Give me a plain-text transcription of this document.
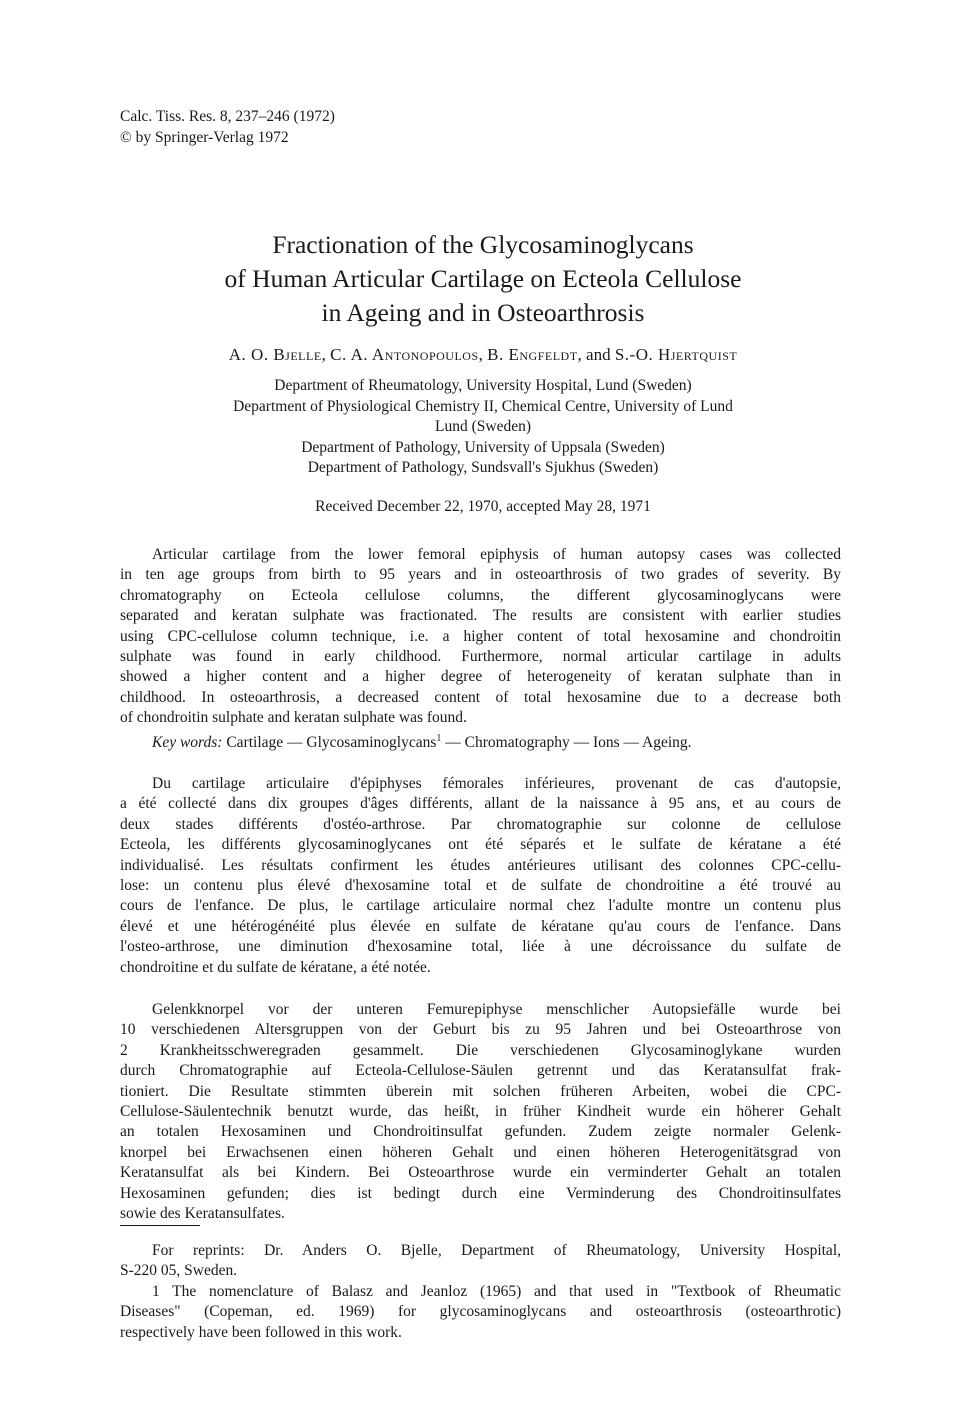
Calc. Tiss. Res. 8, 237–246 (1972)
© by Springer-Verlag 1972
Fractionation of the Glycosaminoglycans
of Human Articular Cartilage on Ecteola Cellulose
in Ageing and in Osteoarthrosis
A. O. Bjelle, C. A. Antonopoulos, B. Engfeldt, and S.-O. Hjertquist
Department of Rheumatology, University Hospital, Lund (Sweden)
Department of Physiological Chemistry II, Chemical Centre, University of Lund
Lund (Sweden)
Department of Pathology, University of Uppsala (Sweden)
Department of Pathology, Sundsvall's Sjukhus (Sweden)
Received December 22, 1970, accepted May 28, 1971
Articular cartilage from the lower femoral epiphysis of human autopsy cases was collected
in ten age groups from birth to 95 years and in osteoarthrosis of two grades of severity. By
chromatography on Ecteola cellulose columns, the different glycosaminoglycans were
separated and keratan sulphate was fractionated. The results are consistent with earlier studies
using CPC-cellulose column technique, i.e. a higher content of total hexosamine and chondroitin
sulphate was found in early childhood. Furthermore, normal articular cartilage in adults
showed a higher content and a higher degree of heterogeneity of keratan sulphate than in
childhood. In osteoarthrosis, a decreased content of total hexosamine due to a decrease both
of chondroitin sulphate and keratan sulphate was found.
Key words: Cartilage — Glycosaminoglycans$^1$ — Chromatography — Ions — Ageing.
Du cartilage articulaire d'épiphyses fémorales inférieures, provenant de cas d'autopsie,
a été collecté dans dix groupes d'âges différents, allant de la naissance à 95 ans, et au cours de
deux stades différents d'ostéo-arthrose. Par chromatographie sur colonne de cellulose
Ecteola, les différents glycosaminoglycanes ont été séparés et le sulfate de kératane a été
individualisé. Les résultats confirment les études antérieures utilisant des colonnes CPC-cellu-
lose: un contenu plus élevé d'hexosamine total et de sulfate de chondroitine a été trouvé au
cours de l'enfance. De plus, le cartilage articulaire normal chez l'adulte montre un contenu plus
élevé et une hétérogénéité plus élevée en sulfate de kératane qu'au cours de l'enfance. Dans
l'osteo-arthrose, une diminution d'hexosamine total, liée à une décroissance du sulfate de
chondroitine et du sulfate de kératane, a été notée.
Gelenkknorpel vor der unteren Femurepiphyse menschlicher Autopsiefälle wurde bei
10 verschiedenen Altersgruppen von der Geburt bis zu 95 Jahren und bei Osteoarthrose von
2 Krankheitsschweregraden gesammelt. Die verschiedenen Glycosaminoglykane wurden
durch Chromatographie auf Ecteola-Cellulose-Säulen getrennt und das Keratansulfat frak-
tioniert. Die Resultate stimmten überein mit solchen früheren Arbeiten, wobei die CPC-
Cellulose-Säulentechnik benutzt wurde, das heißt, in früher Kindheit wurde ein höherer Gehalt
an totalen Hexosaminen und Chondroitinsulfat gefunden. Zudem zeigte normaler Gelenk-
knorpel bei Erwachsenen einen höheren Gehalt und einen höheren Heterogenitätsgrad von
Keratansulfat als bei Kindern. Bei Osteoarthrose wurde ein verminderter Gehalt an totalen
Hexosaminen gefunden; dies ist bedingt durch eine Verminderung des Chondroitinsulfates
sowie des Keratansulfates.
For reprints: Dr. Anders O. Bjelle, Department of Rheumatology, University Hospital,
S-220 05, Sweden.
1 The nomenclature of Balasz and Jeanloz (1965) and that used in "Textbook of Rheumatic
Diseases" (Copeman, ed. 1969) for glycosaminoglycans and osteoarthrosis (osteoarthrotic)
respectively have been followed in this work.
